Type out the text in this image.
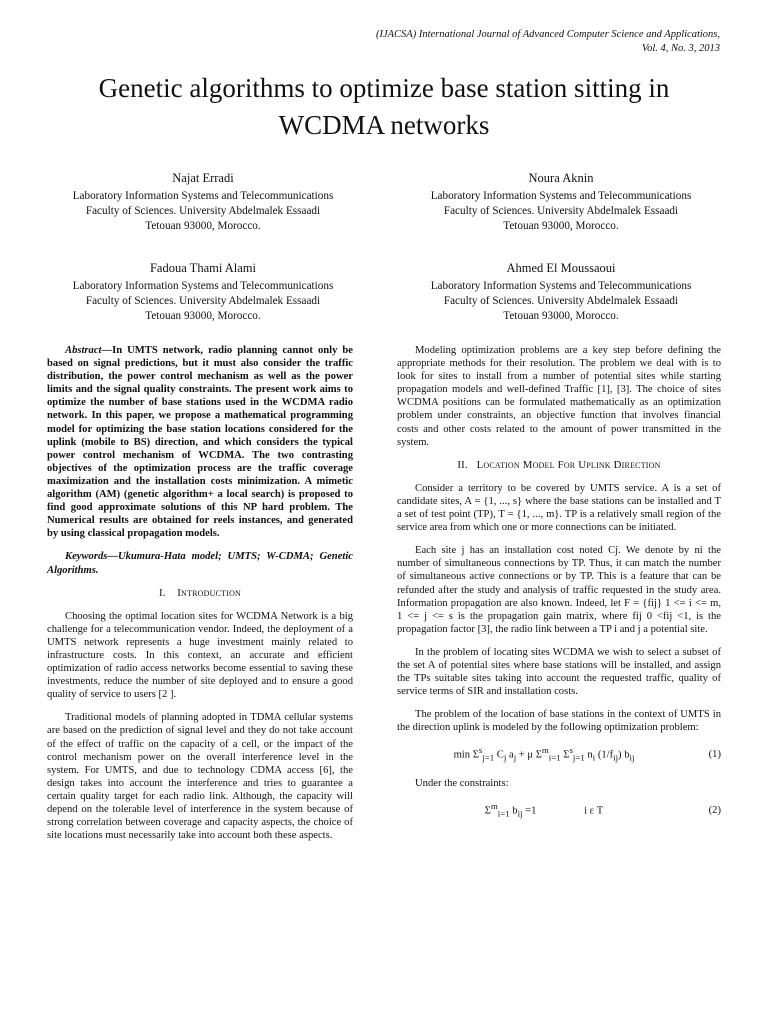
(IJACSA) International Journal of Advanced Computer Science and Applications,
Vol. 4, No. 3, 2013
Genetic algorithms to optimize base station sitting in
WCDMA networks
Najat Erradi
Laboratory Information Systems and Telecommunications
Faculty of Sciences. University Abdelmalek Essaadi
Tetouan 93000, Morocco.
Noura Aknin
Laboratory Information Systems and Telecommunications
Faculty of Sciences. University Abdelmalek Essaadi
Tetouan 93000, Morocco.
Fadoua Thami Alami
Laboratory Information Systems and Telecommunications
Faculty of Sciences. University Abdelmalek Essaadi
Tetouan 93000, Morocco.
Ahmed El Moussaoui
Laboratory Information Systems and Telecommunications
Faculty of Sciences. University Abdelmalek Essaadi
Tetouan 93000, Morocco.

Abstract—In UMTS network, radio planning cannot only be based on signal predictions, but it must also consider the traffic distribution, the power control mechanism as well as the power limits and the signal quality constraints. The present work aims to optimize the number of base stations used in the WCDMA radio network. In this paper, we propose a mathematical programming model for optimizing the base station locations considered for the uplink (mobile to BS) direction, and which considers the typical power control mechanism of WCDMA. The two contrasting objectives of the optimization process are the traffic coverage maximization and the installation costs minimization. A mimetic algorithm (AM) (genetic algorithm+ a local search) is proposed to find good approximate solutions of this NP hard problem. The Numerical results are obtained for reels instances, and generated by using classical propagation models.

Keywords—Ukumura-Hata model; UMTS; W-CDMA; Genetic Algorithms.

I. Introduction

Choosing the optimal location sites for WCDMA Network is a big challenge for a telecommunication vendor. Indeed, the deployment of a UMTS network represents a huge investment mainly related to infrastructure costs. In this context, an accurate and efficient optimization of radio access networks become essential to saving these investments, reduce the number of site deployed and to ensure a good quality of service to users [2 ].

Traditional models of planning adopted in TDMA cellular systems are based on the prediction of signal level and they do not take account of the effect of traffic on the capacity of a cell, or the impact of the control mechanism power on the overall interference level in the system. For UMTS, and due to technology CDMA access [6], the design takes into account the interference and tries to guarantee a certain quality target for each radio link. Although, the capacity will depend on the tolerable level of interference in the system because of strong correlation between coverage and capacity aspects, the choice of site locations must necessarily take into account both these aspects.

Modeling optimization problems are a key step before defining the appropriate methods for their resolution. The problem we deal with is to look for sites to install from a number of potential sites while starting propagation models and well-defined Traffic [1], [3]. The choice of sites WCDMA positions can be formulated mathematically as an optimization problem under constraints, an objective function that involves financial costs and other costs related to the amount of power transmitted in the system.

II. Location Model For Uplink Direction

Consider a territory to be covered by UMTS service. A is a set of candidate sites, A = {1, ..., s} where the base stations can be installed and T a set of test point (TP), T = {1, ..., m}. TP is a relatively small region of the service area from which one or more connections can be initiated.

Each site j has an installation cost noted Cj. We denote by ni the number of simultaneous connections by TP. Thus, it can match the number of simultaneous active connections or by TP. This is a feature that can be refunded after the study and analysis of traffic requested in the study area. Information propagation are also known. Indeed, let F = {fij} 1 <= i <= m, 1 <= j <= s is the propagation gain matrix, where fij 0 <fij <1, is the propagation factor [3], the radio link between a TP i and j a potential site.

In the problem of locating sites WCDMA we wish to select a subset of the set A of potential sites where base stations will be installed, and assign the TPs suitable sites taking into account the requested traffic, quality of service terms of SIR and installation costs.

The problem of the location of base stations in the context of UMTS in the direction uplink is modeled by the following optimization problem:

$\min \Sigma^s_{j=1}$ $C_j$ $a_j + \mu$ $\Sigma^m_{i=1}$ $\Sigma^s_{j=1}$ $n_i$ $(1/f_{ij})$ $b_{ij}$	(1)

Under the constraints:

$\Sigma^m_{i=1}$ $b_{ij} =1$                  i ε T	(2)
